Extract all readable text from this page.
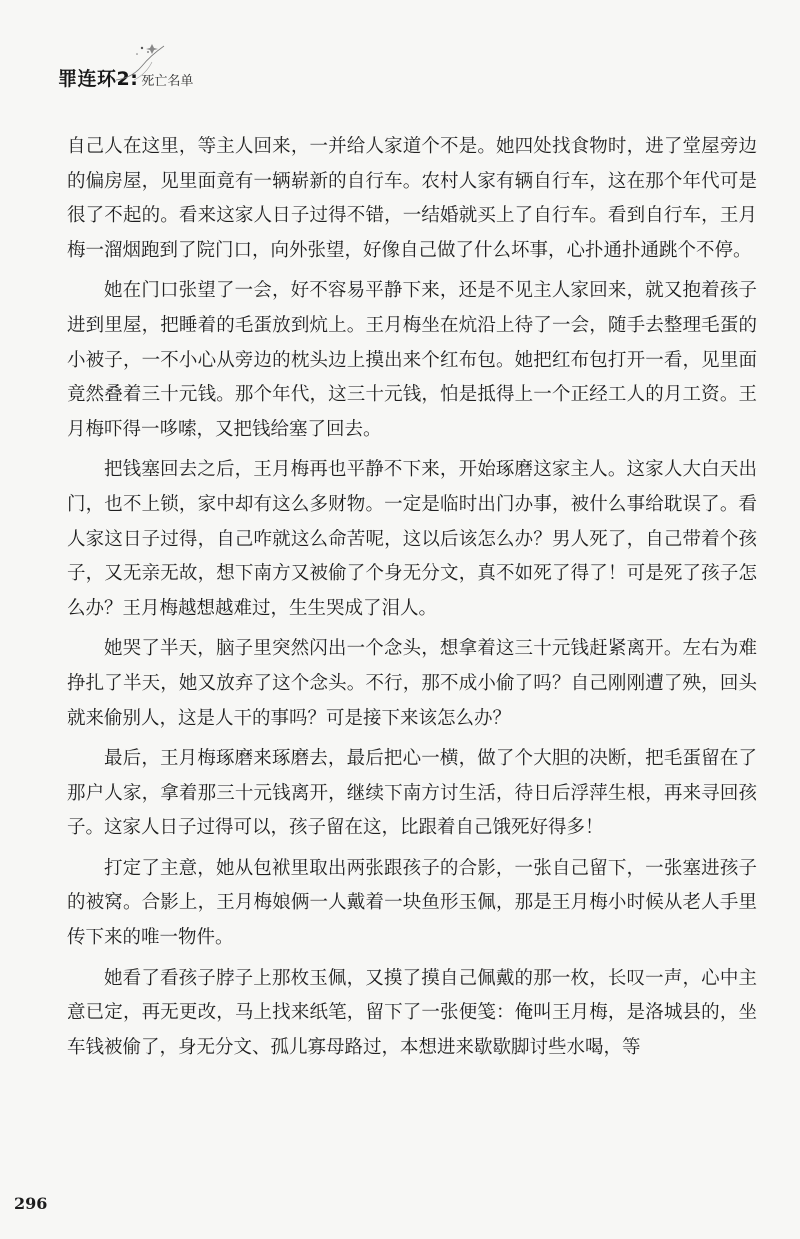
罪连环2: 死亡名单

自己人在这里，等主人回来，一并给人家道个不是。她四处找食物时，进了堂屋旁边的偏房屋，见里面竟有一辆崭新的自行车。农村人家有辆自行车，这在那个年代可是很了不起的。看来这家人日子过得不错，一结婚就买上了自行车。看到自行车，王月梅一溜烟跑到了院门口，向外张望，好像自己做了什么坏事，心扑通扑通跳个不停。

她在门口张望了一会，好不容易平静下来，还是不见主人家回来，就又抱着孩子进到里屋，把睡着的毛蛋放到炕上。王月梅坐在炕沿上待了一会，随手去整理毛蛋的小被子，一不小心从旁边的枕头边上摸出来个红布包。她把红布包打开一看，见里面竟然叠着三十元钱。那个年代，这三十元钱，怕是抵得上一个正经工人的月工资。王月梅吓得一哆嗦，又把钱给塞了回去。

把钱塞回去之后，王月梅再也平静不下来，开始琢磨这家主人。这家人大白天出门，也不上锁，家中却有这么多财物。一定是临时出门办事，被什么事给耽误了。看人家这日子过得，自己咋就这么命苦呢，这以后该怎么办？男人死了，自己带着个孩子，又无亲无故，想下南方又被偷了个身无分文，真不如死了得了！可是死了孩子怎么办？王月梅越想越难过，生生哭成了泪人。

她哭了半天，脑子里突然闪出一个念头，想拿着这三十元钱赶紧离开。左右为难挣扎了半天，她又放弃了这个念头。不行，那不成小偷了吗？自己刚刚遭了殃，回头就来偷别人，这是人干的事吗？可是接下来该怎么办？

最后，王月梅琢磨来琢磨去，最后把心一横，做了个大胆的决断，把毛蛋留在了那户人家，拿着那三十元钱离开，继续下南方讨生活，待日后浮萍生根，再来寻回孩子。这家人日子过得可以，孩子留在这，比跟着自己饿死好得多！

打定了主意，她从包袱里取出两张跟孩子的合影，一张自己留下，一张塞进孩子的被窝。合影上，王月梅娘俩一人戴着一块鱼形玉佩，那是王月梅小时候从老人手里传下来的唯一物件。

她看了看孩子脖子上那枚玉佩，又摸了摸自己佩戴的那一枚，长叹一声，心中主意已定，再无更改，马上找来纸笔，留下了一张便笺：俺叫王月梅，是洛城县的，坐车钱被偷了，身无分文、孤儿寡母路过，本想进来歇歇脚讨些水喝，等

296
